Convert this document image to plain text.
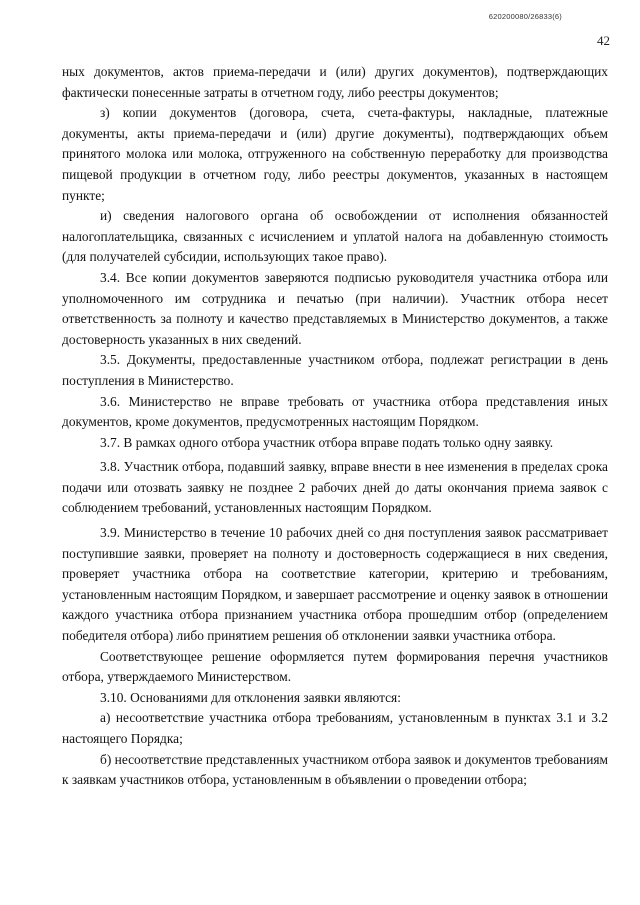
620200080/26833(6)
42

ных документов, актов приема-передачи и (или) других документов), подтверждающих фактически понесенные затраты в отчетном году, либо реестры документов;

з) копии документов (договора, счета, счета-фактуры, накладные, платежные документы, акты приема-передачи и (или) другие документы), подтверждающих объем принятого молока или молока, отгруженного на собственную переработку для производства пищевой продукции в отчетном году, либо реестры документов, указанных в настоящем пункте;

и) сведения налогового органа об освобождении от исполнения обязанностей налогоплательщика, связанных с исчислением и уплатой налога на добавленную стоимость (для получателей субсидии, использующих такое право).

3.4. Все копии документов заверяются подписью руководителя участника отбора или уполномоченного им сотрудника и печатью (при наличии). Участник отбора несет ответственность за полноту и качество представляемых в Министерство документов, а также достоверность указанных в них сведений.

3.5. Документы, предоставленные участником отбора, подлежат регистрации в день поступления в Министерство.

3.6. Министерство не вправе требовать от участника отбора представления иных документов, кроме документов, предусмотренных настоящим Порядком.

3.7. В рамках одного отбора участник отбора вправе подать только одну заявку.

3.8. Участник отбора, подавший заявку, вправе внести в нее изменения в пределах срока подачи или отозвать заявку не позднее 2 рабочих дней до даты окончания приема заявок с соблюдением требований, установленных настоящим Порядком.

3.9. Министерство в течение 10 рабочих дней со дня поступления заявок рассматривает поступившие заявки, проверяет на полноту и достоверность содержащиеся в них сведения, проверяет участника отбора на соответствие категории, критерию и требованиям, установленным настоящим Порядком, и завершает рассмотрение и оценку заявок в отношении каждого участника отбора признанием участника отбора прошедшим отбор (определением победителя отбора) либо принятием решения об отклонении заявки участника отбора.

Соответствующее решение оформляется путем формирования перечня участников отбора, утверждаемого Министерством.

3.10. Основаниями для отклонения заявки являются:

а) несоответствие участника отбора требованиям, установленным в пунктах 3.1 и 3.2 настоящего Порядка;

б) несоответствие представленных участником отбора заявок и документов требованиям к заявкам участников отбора, установленным в объявлении о проведении отбора;
